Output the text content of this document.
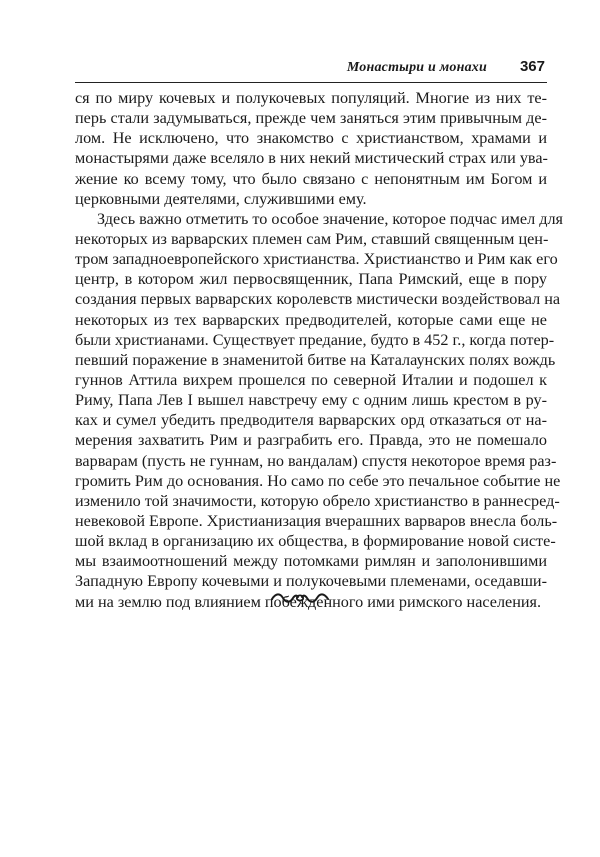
Монастыри и монахи 367
ся по миру кочевых и полукочевых популяций. Многие из них те-
перь стали задумываться, прежде чем заняться этим привычным де-
лом. Не исключено, что знакомство с христианством, храмами и
монастырями даже вселяло в них некий мистический страх или ува-
жение ко всему тому, что было связано с непонятным им Богом и
церковными деятелями, служившими ему.
Здесь важно отметить то особое значение, которое подчас имел для
некоторых из варварских племен сам Рим, ставший священным цен-
тром западноевропейского христианства. Христианство и Рим как его
центр, в котором жил первосвященник, Папа Римский, еще в пору
создания первых варварских королевств мистически воздействовал на
некоторых из тех варварских предводителей, которые сами еще не
были христианами. Существует предание, будто в 452 г., когда потер-
певший поражение в знаменитой битве на Каталаунских полях вождь
гуннов Аттила вихрем прошелся по северной Италии и подошел к
Риму, Папа Лев I вышел навстречу ему с одним лишь крестом в ру-
ках и сумел убедить предводителя варварских орд отказаться от на-
мерения захватить Рим и разграбить его. Правда, это не помешало
варварам (пусть не гуннам, но вандалам) спустя некоторое время раз-
громить Рим до основания. Но само по себе это печальное событие не
изменило той значимости, которую обрело христианство в раннесред-
невековой Европе. Христианизация вчерашних варваров внесла боль-
шой вклад в организацию их общества, в формирование новой систе-
мы взаимоотношений между потомками римлян и заполонившими
Западную Европу кочевыми и полукочевыми племенами, оседавши-
ми на землю под влиянием побежденного ими римского населения.
